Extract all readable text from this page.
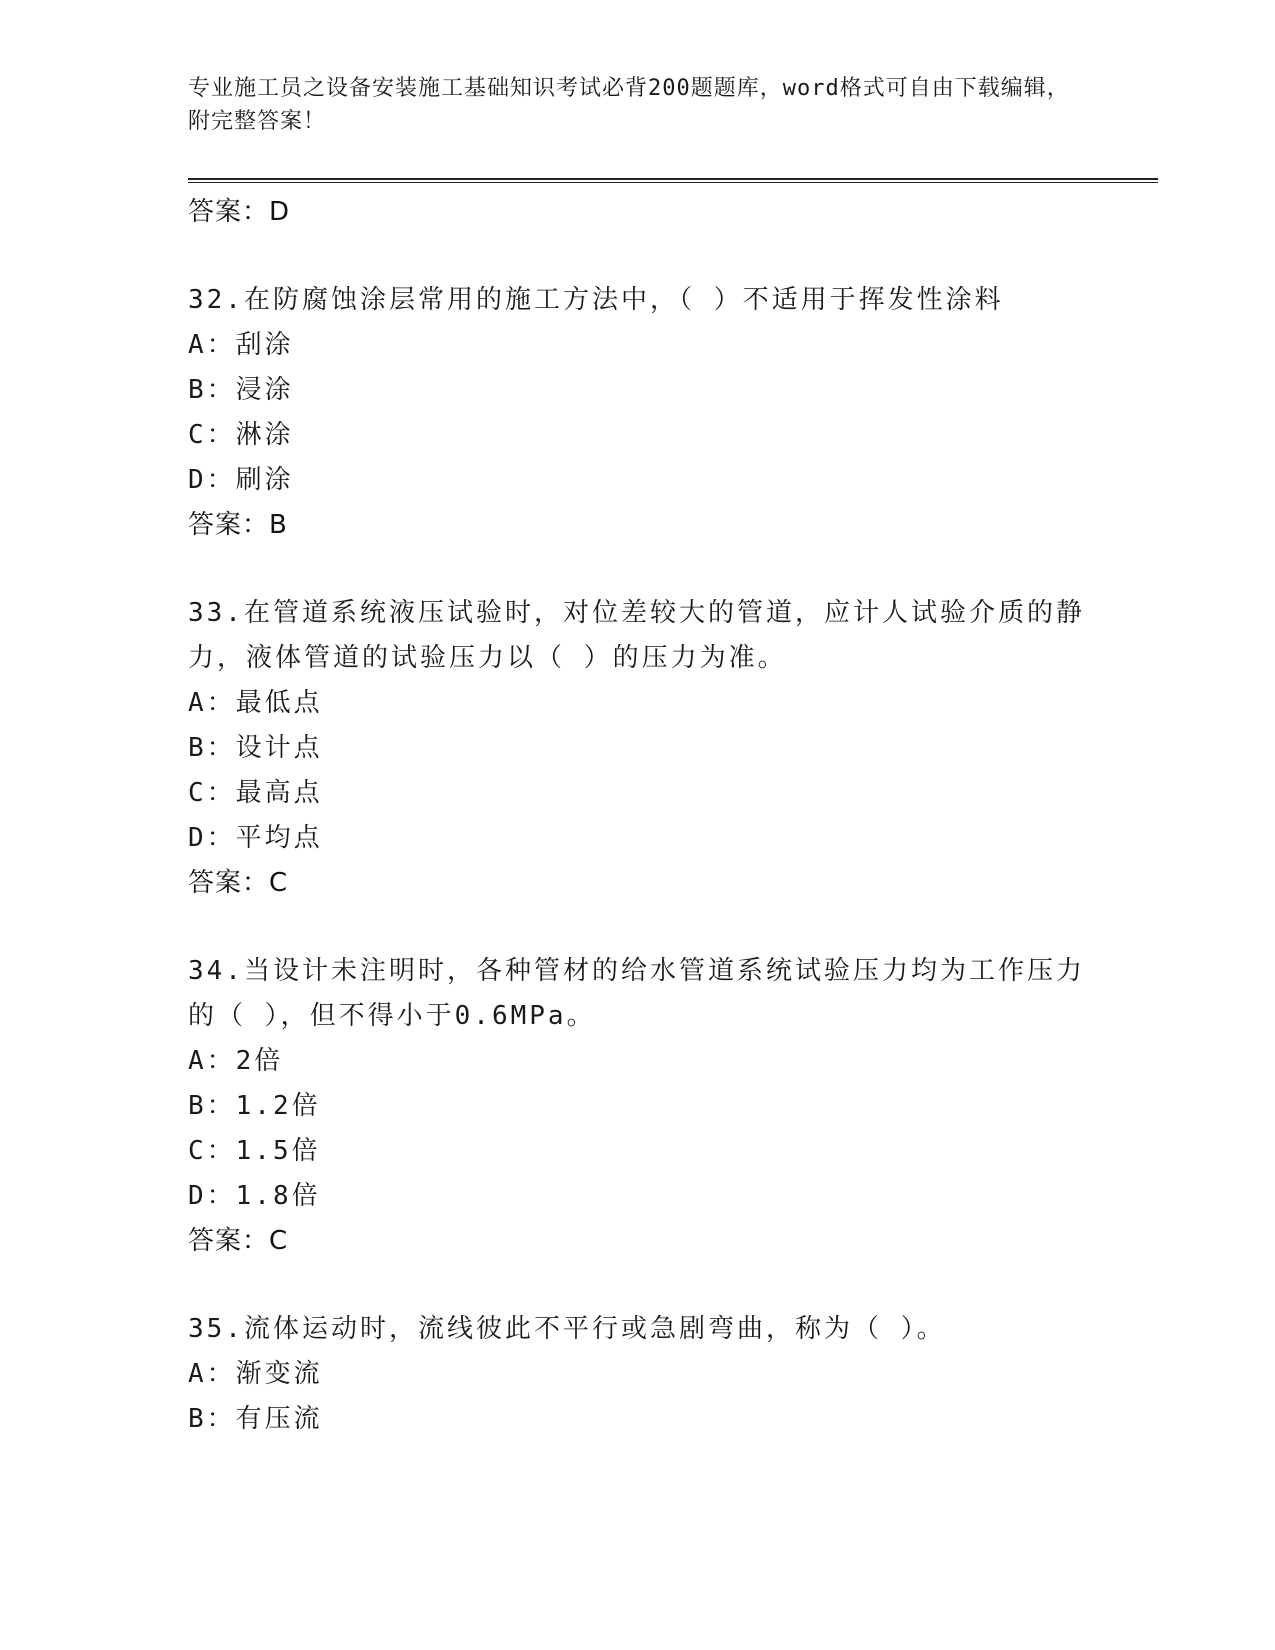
专业施工员之设备安装施工基础知识考试必背200题题库，word格式可自由下载编辑，附完整答案！
答案：D

32.在防腐蚀涂层常用的施工方法中，（ ）不适用于挥发性涂料

A：刮涂
B：浸涂
C：淋涂
D：刷涂
答案：B

33.在管道系统液压试验时，对位差较大的管道，应计人试验介质的静力，液体管道的试验压力以（ ）的压力为准。

A：最低点
B：设计点
C：最高点
D：平均点
答案：C

34.当设计未注明时，各种管材的给水管道系统试验压力均为工作压力的（ ），但不得小于0.6MPa。

A：2倍
B：1.2倍
C：1.5倍
D：1.8倍
答案：C

35.流体运动时，流线彼此不平行或急剧弯曲，称为（ ）。

A：渐变流
B：有压流
